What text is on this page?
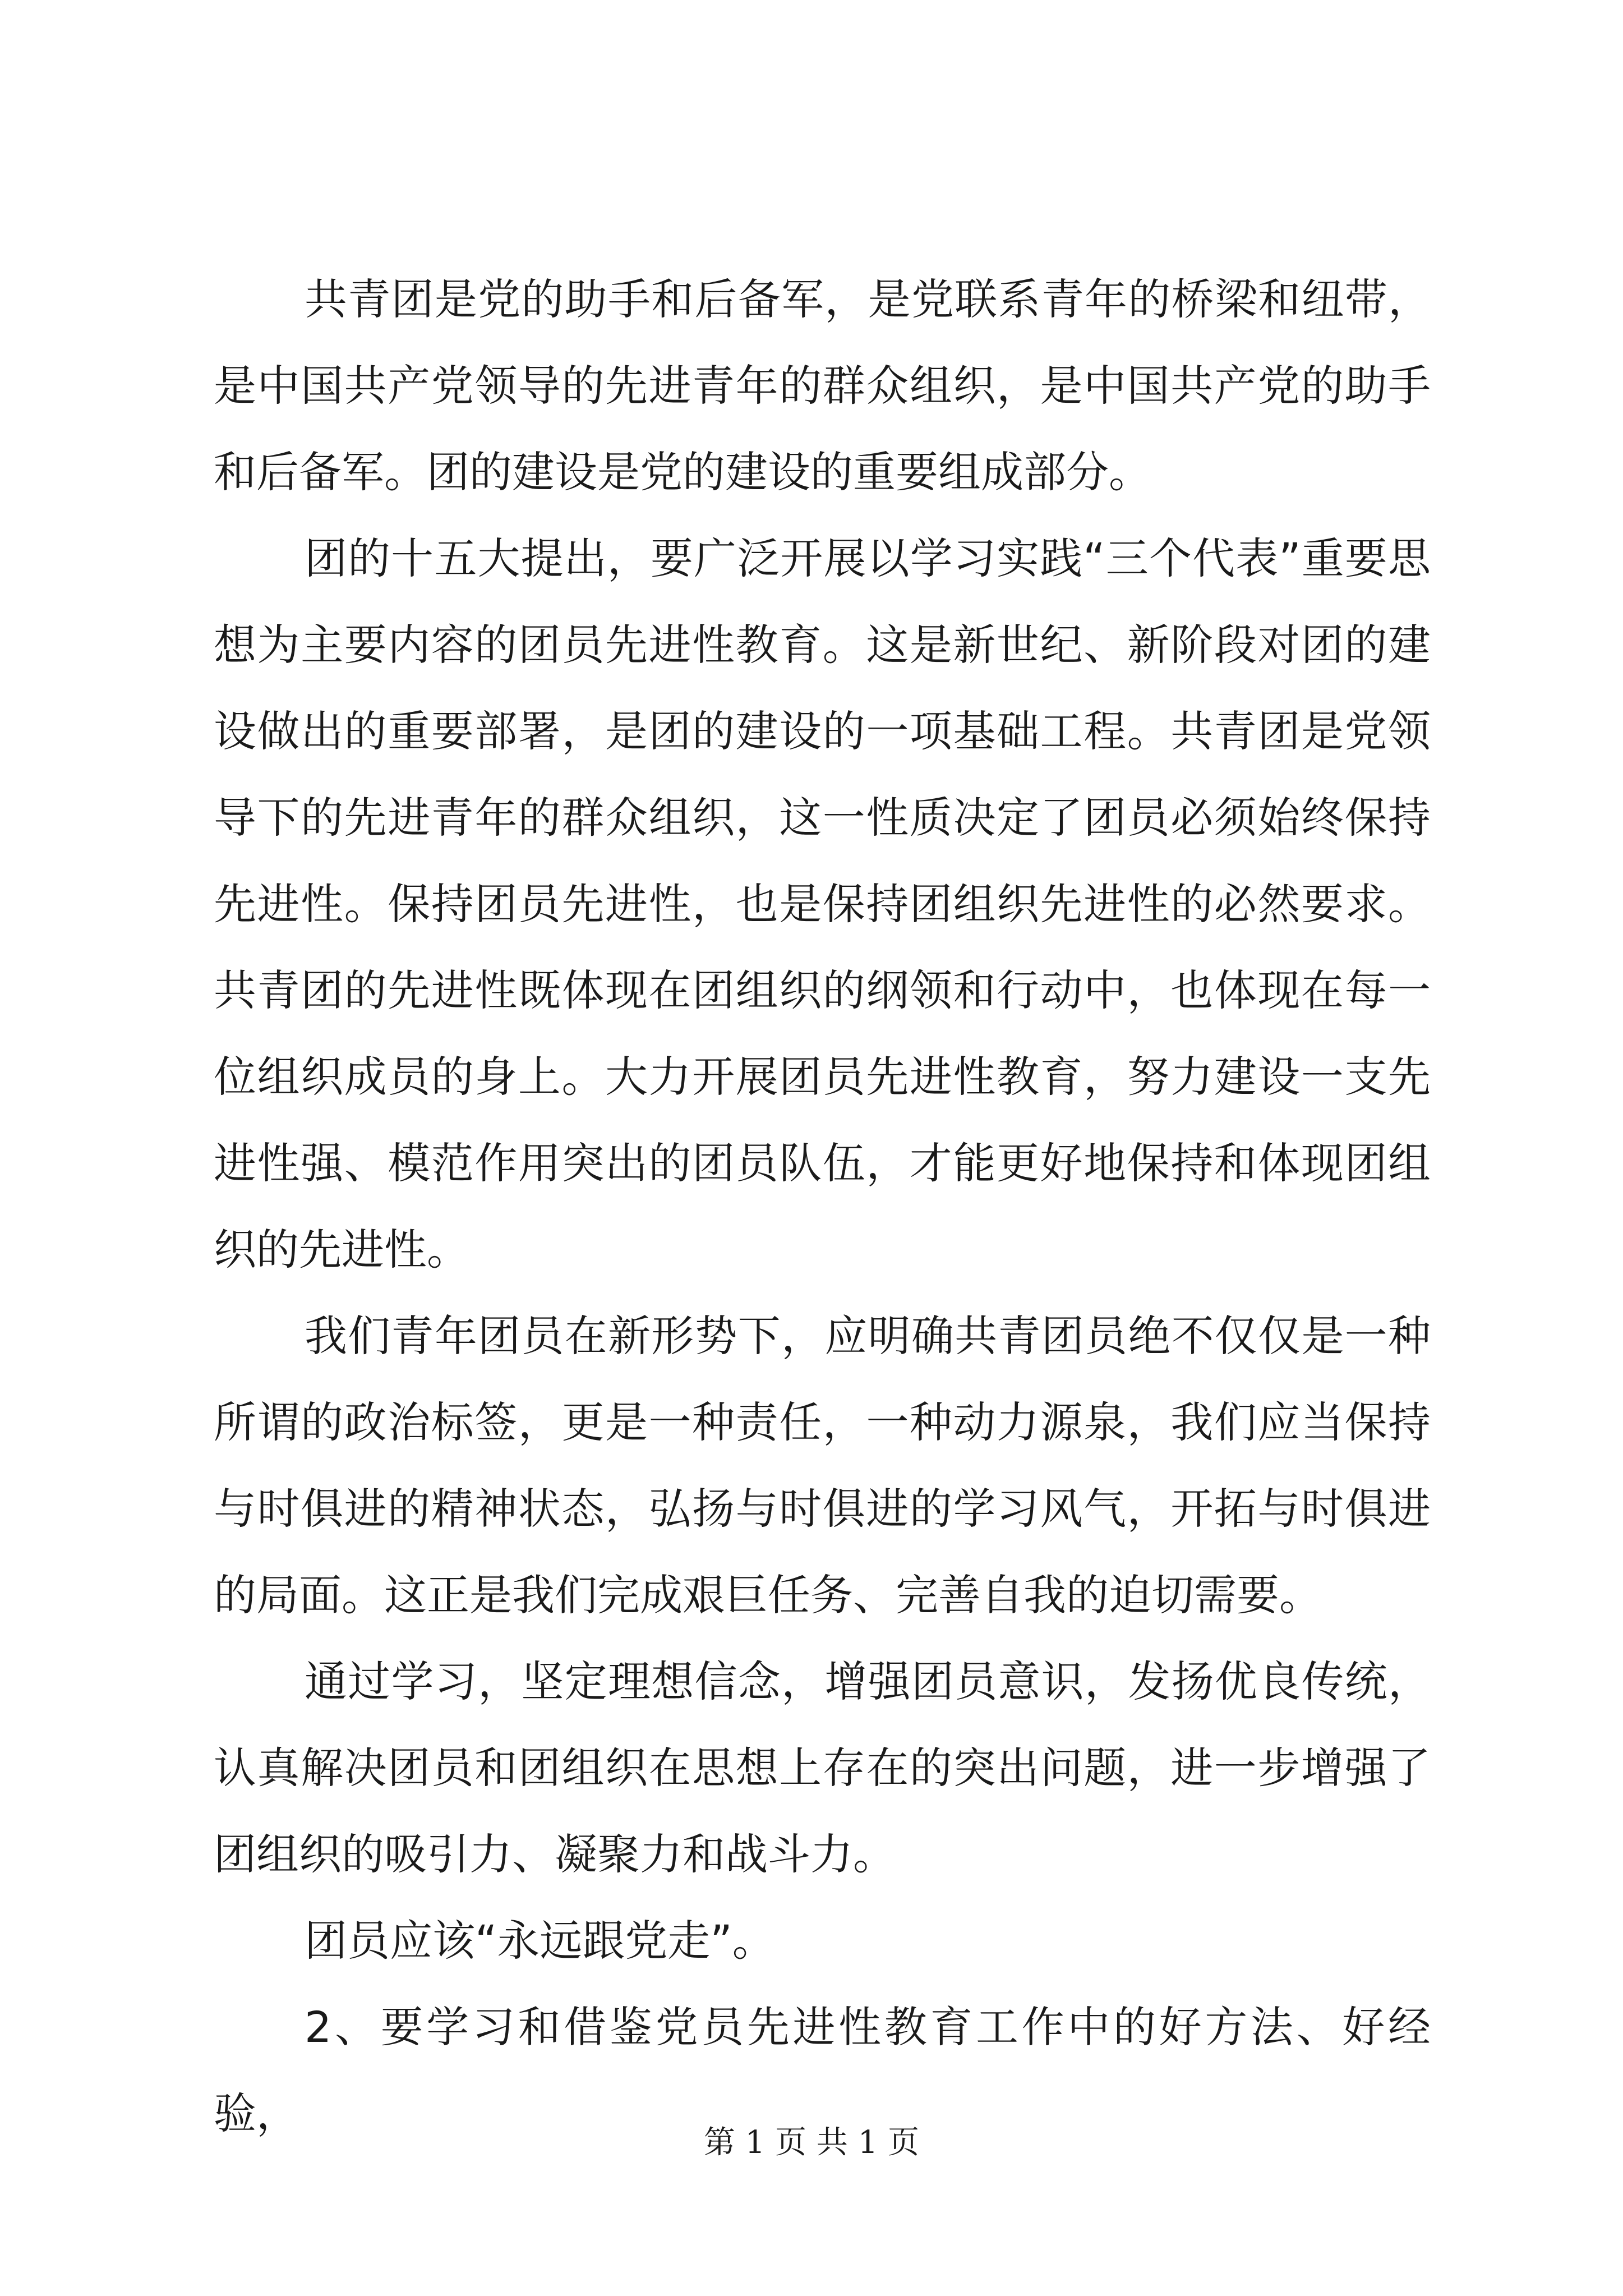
共青团是党的助手和后备军，是党联系青年的桥梁和纽带，是中国共产党领导的先进青年的群众组织，是中国共产党的助手和后备军。团的建设是党的建设的重要组成部分。

团的十五大提出，要广泛开展以学习实践“三个代表”重要思想为主要内容的团员先进性教育。这是新世纪、新阶段对团的建设做出的重要部署，是团的建设的一项基础工程。共青团是党领导下的先进青年的群众组织，这一性质决定了团员必须始终保持先进性。保持团员先进性，也是保持团组织先进性的必然要求。共青团的先进性既体现在团组织的纲领和行动中，也体现在每一位组织成员的身上。大力开展团员先进性教育，努力建设一支先进性强、模范作用突出的团员队伍，才能更好地保持和体现团组织的先进性。

我们青年团员在新形势下，应明确共青团员绝不仅仅是一种所谓的政治标签，更是一种责任，一种动力源泉，我们应当保持与时俱进的精神状态，弘扬与时俱进的学习风气，开拓与时俱进的局面。这正是我们完成艰巨任务、完善自我的迫切需要。

通过学习，坚定理想信念，增强团员意识，发扬优良传统，认真解决团员和团组织在思想上存在的突出问题，进一步增强了团组织的吸引力、凝聚力和战斗力。

团员应该“永远跟党走”。

2、要学习和借鉴党员先进性教育工作中的好方法、好经验，

第 1 页 共 1 页
